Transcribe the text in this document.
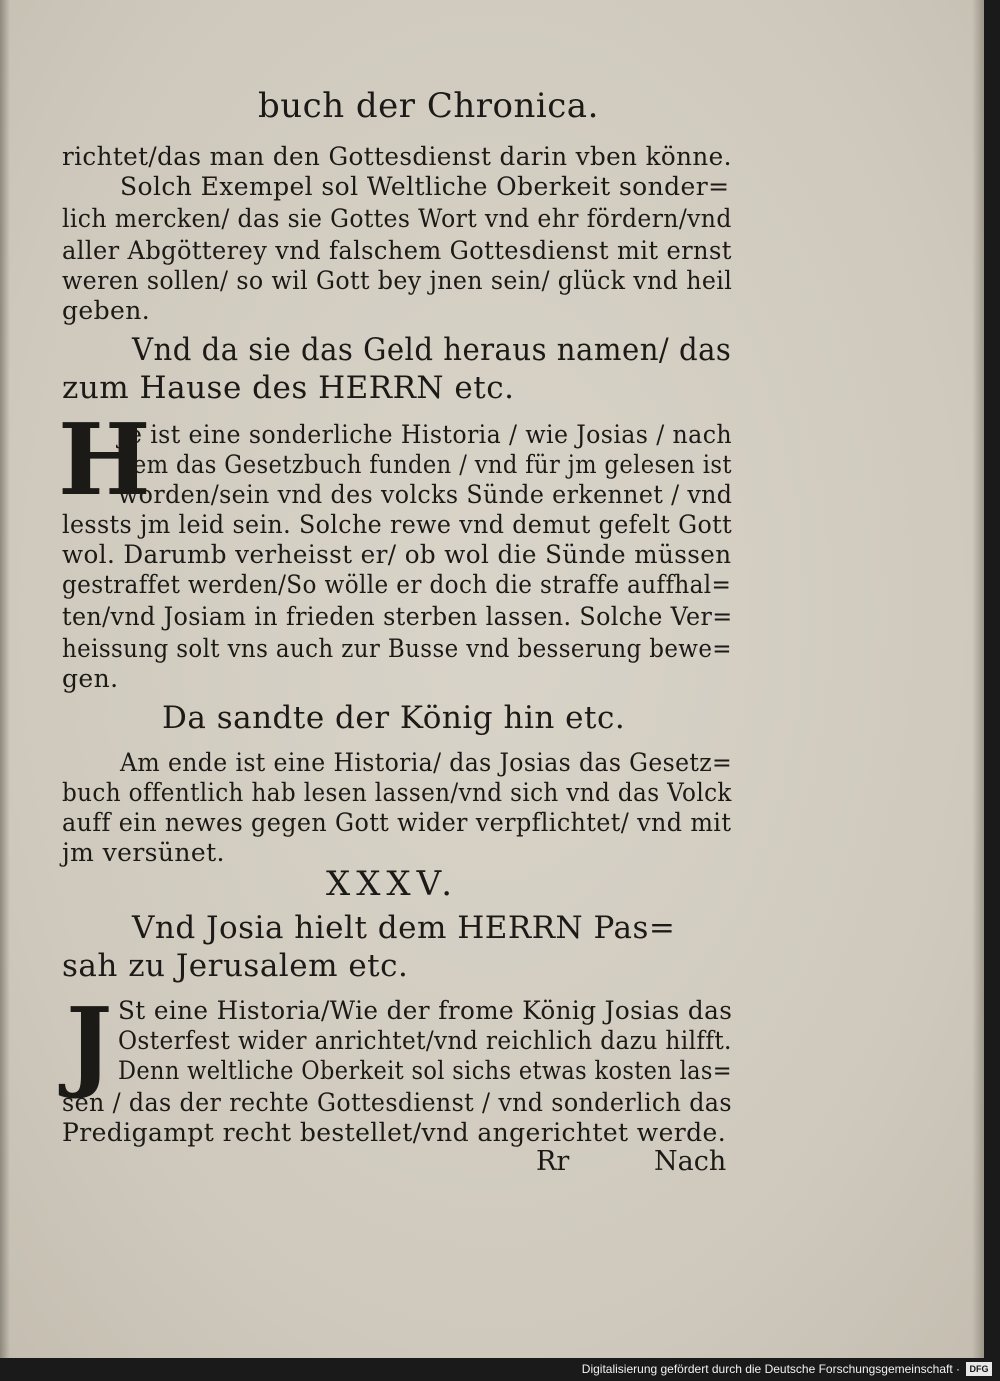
buch der Chronica.
richtet/das man den Gottesdienst darin vben könne.
Solch Exempel sol Weltliche Oberkeit sonder=
lich mercken/ das sie Gottes Wort vnd ehr fördern/vnd
aller Abgötterey vnd falschem Gottesdienst mit ernst
weren sollen/ so wil Gott bey jnen sein/ glück vnd heil
geben.
Vnd da sie das Geld heraus namen/ das
zum Hause des HERRN etc.
H
Je ist eine sonderliche Historia / wie Josias / nach
dem das Gesetzbuch funden / vnd für jm gelesen ist
worden/sein vnd des volcks Sünde erkennet / vnd
lessts jm leid sein. Solche rewe vnd demut gefelt Gott
wol. Darumb verheisst er/ ob wol die Sünde müssen
gestraffet werden/So wölle er doch die straffe auffhal=
ten/vnd Josiam in frieden sterben lassen. Solche Ver=
heissung solt vns auch zur Busse vnd besserung bewe=
gen.
Da sandte der König hin etc.
Am ende ist eine Historia/ das Josias das Gesetz=
buch offentlich hab lesen lassen/vnd sich vnd das Volck
auff ein newes gegen Gott wider verpflichtet/ vnd mit
jm versünet.
XXXV.
Vnd Josia hielt dem HERRN Pas=
sah zu Jerusalem etc.
J St eine Historia/Wie der frome König Josias das
Osterfest wider anrichtet/vnd reichlich dazu hilfft.
Denn weltliche Oberkeit sol sichs etwas kosten las=
sen / das der rechte Gottesdienst / vnd sonderlich das
Predigampt recht bestellet/vnd angerichtet werde.
Rr	Nach
Digitalisierung gefördert durch die Deutsche Forschungsgemeinschaft ·	DFG
